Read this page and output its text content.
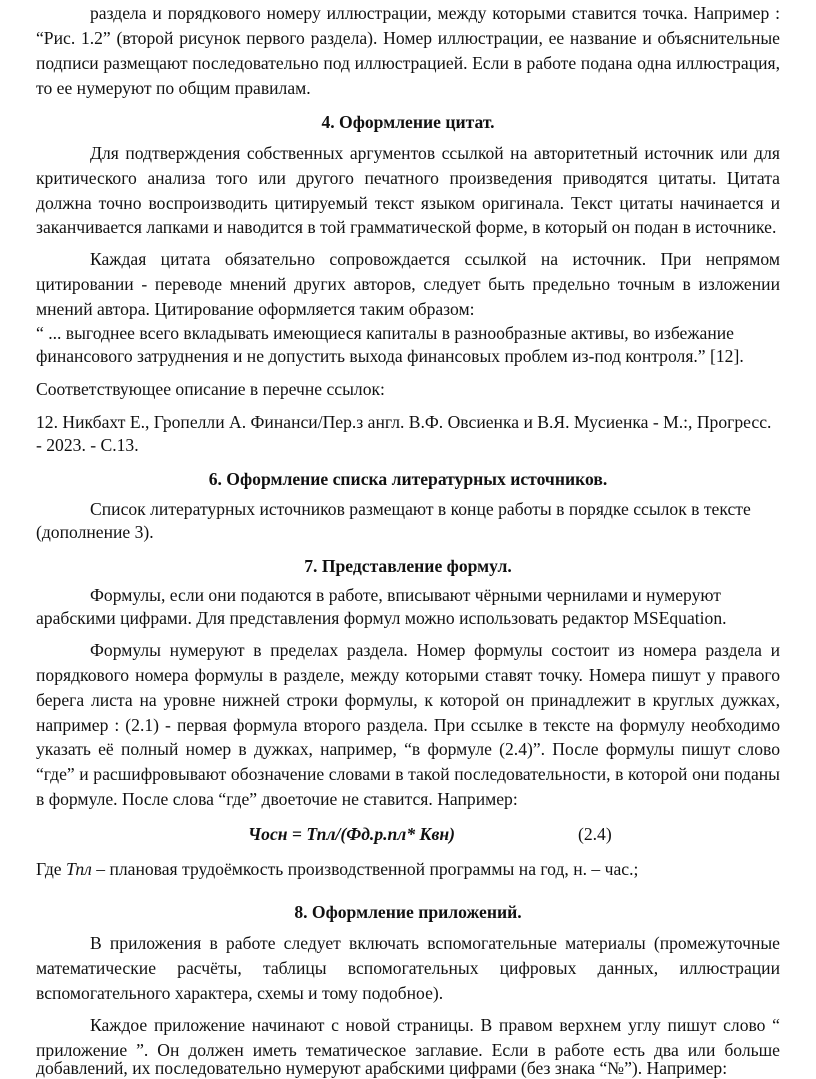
раздела и порядкового номеру иллюстрации, между которыми ставится точка. Например :
“Рис. 1.2” (второй рисунок первого раздела). Номер иллюстрации, ее название и объяснительные
подписи размещают последовательно под иллюстрацией. Если в работе подана одна иллюстрация,
то ее нумеруют по общим правилам.
4. Оформление цитат.
Для подтверждения собственных аргументов ссылкой на авторитетный источник или для
критического анализа того или другого печатного произведения приводятся цитаты. Цитата
должна точно воспроизводить цитируемый текст языком оригинала. Текст цитаты начинается и
заканчивается лапками и наводится в той грамматической форме, в который он подан в источнике.
Каждая цитата обязательно сопровождается ссылкой на источник. При непрямом
цитировании - переводе мнений других авторов, следует быть предельно точным в изложении
мнений автора. Цитирование оформляется таким образом:
“ ... выгоднее всего вкладывать имеющиеся капиталы в разнообразные активы, во избежание
финансового затруднения и не допустить выхода финансовых проблем из-под контроля.” [12].
Соответствующее описание в перечне ссылок:
12. Никбахт Е., Гропелли А. Финанси/Пер.з англ. В.Ф. Овсиенка и В.Я. Мусиенка - М.:, Прогресс.
- 2023. - С.13.
6. Оформление списка литературных источников.
Список литературных источников размещают в конце работы в порядке ссылок в тексте
(дополнение 3).
7. Представление формул.
Формулы, если они подаются в работе, вписывают чёрными чернилами и нумеруют
арабскими цифрами. Для представления формул можно использовать редактор MSEquation.
Формулы нумеруют в пределах раздела. Номер формулы состоит из номера раздела и
порядкового номера формулы в разделе, между которыми ставят точку. Номера пишут у правого
берега листа на уровне нижней строки формулы, к которой он принадлежит в круглых дужках,
например : (2.1) - первая формула второго раздела. При ссылке в тексте на формулу необходимо
указать её полный номер в дужках, например, “в формуле (2.4)”. После формулы пишут слово
“где” и расшифровывают обозначение словами в такой последовательности, в которой они поданы
в формуле. После слова “где” двоеточие не ставится. Например:
Чосн = Тпл/(Фд.р.пл* Квн)	(2.4)
Где Тпл – плановая трудоёмкость производственной программы на год, н. – час.;
8. Оформление приложений.
В приложения в работе следует включать вспомогательные материалы (промежуточные
математические расчёты, таблицы вспомогательных цифровых данных, иллюстрации
вспомогательного характера, схемы и тому подобное).
Каждое приложение начинают с новой страницы. В правом верхнем углу пишут слово “
приложение ”. Он должен иметь тематическое заглавие. Если в работе есть два или больше
добавлений, их последовательно нумеруют арабскими цифрами (без знака “№”). Например:
